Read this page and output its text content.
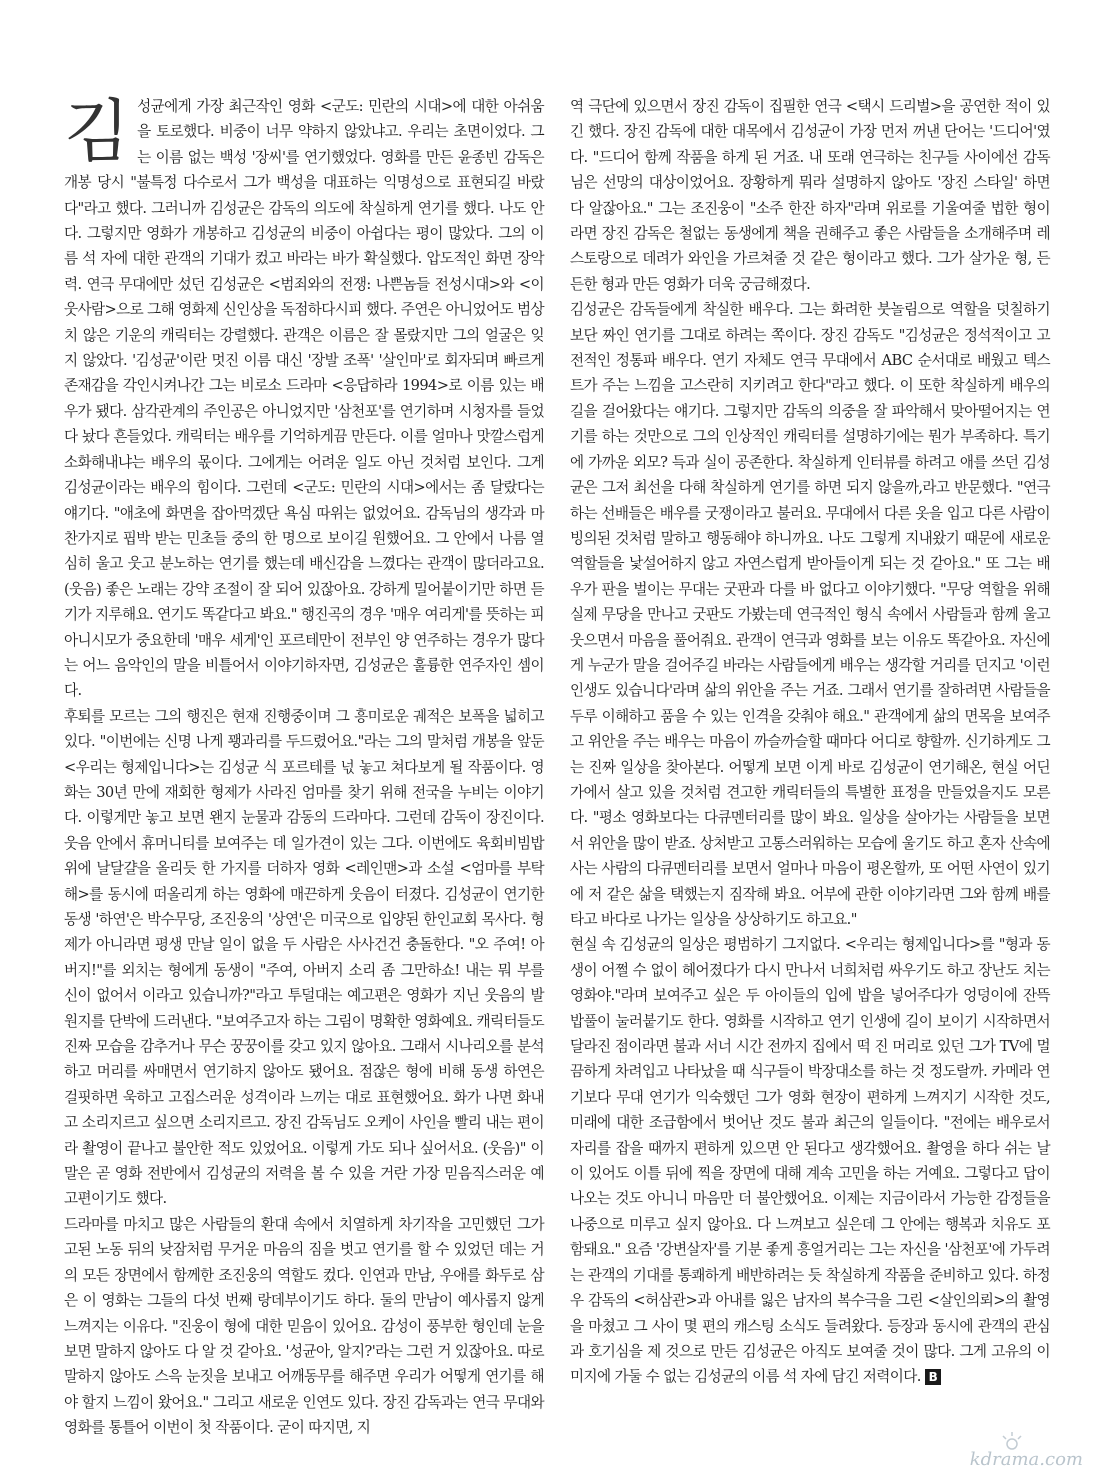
김 성균에게 가장 최근작인 영화 <군도: 민란의 시대>에 대한 아쉬움을 토로했다. 비중이 너무 약하지 않았냐고. 우리는 초면이었다. 그는 이름 없는 백성 '장씨'를 연기했었다. 영화를 만든 윤종빈 감독은 개봉 당시 "불특정 다수로서 그가 백성을 대표하는 익명성으로 표현되길 바랐다"라고 했다. 그러니까 김성균은 감독의 의도에 착실하게 연기를 했다. 나도 안다. 그렇지만 영화가 개봉하고 김성균의 비중이 아쉽다는 평이 많았다. 그의 이름 석 자에 대한 관객의 기대가 컸고 바라는 바가 확실했다. 압도적인 화면 장악력. 연극 무대에만 섰던 김성균은 <범죄와의 전쟁: 나쁜놈들 전성시대>와 <이웃사람>으로 그해 영화제 신인상을 독점하다시피 했다. 주연은 아니었어도 범상치 않은 기운의 캐릭터는 강렬했다. 관객은 이름은 잘 몰랐지만 그의 얼굴은 잊지 않았다. '김성균'이란 멋진 이름 대신 '장발 조폭' '살인마'로 회자되며 빠르게 존재감을 각인시켜나간 그는 비로소 드라마 <응답하라 1994>로 이름 있는 배우가 됐다. 삼각관계의 주인공은 아니었지만 '삼천포'를 연기하며 시청자를 들었다 놨다 흔들었다. 캐릭터는 배우를 기억하게끔 만든다. 이를 얼마나 맛깔스럽게 소화해내냐는 배우의 몫이다. 그에게는 어려운 일도 아닌 것처럼 보인다. 그게 김성균이라는 배우의 힘이다. 그런데 <군도: 민란의 시대>에서는 좀 달랐다는 얘기다. "애초에 화면을 잡아먹겠단 욕심 따위는 없었어요. 감독님의 생각과 마찬가지로 핍박 받는 민초들 중의 한 명으로 보이길 원했어요. 그 안에서 나름 열심히 울고 웃고 분노하는 연기를 했는데 배신감을 느꼈다는 관객이 많더라고요. (웃음) 좋은 노래는 강약 조절이 잘 되어 있잖아요. 강하게 밀어붙이기만 하면 듣기가 지루해요. 연기도 똑같다고 봐요." 행진곡의 경우 '매우 여리게'를 뜻하는 피아니시모가 중요한데 '매우 세게'인 포르테만이 전부인 양 연주하는 경우가 많다는 어느 음악인의 말을 비틀어서 이야기하자면, 김성균은 훌륭한 연주자인 셈이다.

후퇴를 모르는 그의 행진은 현재 진행중이며 그 흥미로운 궤적은 보폭을 넓히고 있다. "이번에는 신명 나게 꽹과리를 두드렸어요."라는 그의 말처럼 개봉을 앞둔 <우리는 형제입니다>는 김성균 식 포르테를 넋 놓고 쳐다보게 될 작품이다. 영화는 30년 만에 재회한 형제가 사라진 엄마를 찾기 위해 전국을 누비는 이야기다. 이렇게만 놓고 보면 왠지 눈물과 감동의 드라마다. 그런데 감독이 장진이다. 웃음 안에서 휴머니티를 보여주는 데 일가견이 있는 그다. 이번에도 육회비빔밥 위에 날달걀을 올리듯 한 가지를 더하자 영화 <레인맨>과 소설 <엄마를 부탁해>를 동시에 떠올리게 하는 영화에 매끈하게 웃음이 터졌다. 김성균이 연기한 동생 '하연'은 박수무당, 조진웅의 '상연'은 미국으로 입양된 한인교회 목사다. 형제가 아니라면 평생 만날 일이 없을 두 사람은 사사건건 충돌한다. "오 주여! 아버지!"를 외치는 형에게 동생이 "주여, 아버지 소리 좀 그만하쇼! 내는 뭐 부를 신이 없어서 이라고 있습니까?"라고 투덜대는 예고편은 영화가 지닌 웃음의 발원지를 단박에 드러낸다. "보여주고자 하는 그림이 명확한 영화예요. 캐릭터들도 진짜 모습을 감추거나 무슨 꿍꿍이를 갖고 있지 않아요. 그래서 시나리오를 분석하고 머리를 싸매면서 연기하지 않아도 됐어요. 점잖은 형에 비해 동생 하연은 걸핏하면 욱하고 고집스러운 성격이라 느끼는 대로 표현했어요. 화가 나면 화내고 소리지르고 싶으면 소리지르고. 장진 감독님도 오케이 사인을 빨리 내는 편이라 촬영이 끝나고 불안한 적도 있었어요. 이렇게 가도 되나 싶어서요. (웃음)" 이 말은 곧 영화 전반에서 김성균의 저력을 볼 수 있을 거란 가장 믿음직스러운 예고편이기도 했다.

드라마를 마치고 많은 사람들의 환대 속에서 치열하게 차기작을 고민했던 그가 고된 노동 뒤의 낮잠처럼 무거운 마음의 짐을 벗고 연기를 할 수 있었던 데는 거의 모든 장면에서 함께한 조진웅의 역할도 컸다. 인연과 만남, 우애를 화두로 삼은 이 영화는 그들의 다섯 번째 랑데부이기도 하다. 둘의 만남이 예사롭지 않게 느껴지는 이유다. "진웅이 형에 대한 믿음이 있어요. 감성이 풍부한 형인데 눈을 보면 말하지 않아도 다 알 것 같아요. '성균아, 알지?'라는 그런 거 있잖아요. 따로 말하지 않아도 스윽 눈짓을 보내고 어깨동무를 해주면 우리가 어떻게 연기를 해야 할지 느낌이 왔어요." 그리고 새로운 인연도 있다. 장진 감독과는 연극 무대와 영화를 통틀어 이번이 첫 작품이다. 굳이 따지면, 지

역 극단에 있으면서 장진 감독이 집필한 연극 <택시 드리벌>을 공연한 적이 있긴 했다. 장진 감독에 대한 대목에서 김성균이 가장 먼저 꺼낸 단어는 '드디어'였다. "드디어 함께 작품을 하게 된 거죠. 내 또래 연극하는 친구들 사이에선 감독님은 선망의 대상이었어요. 장황하게 뭐라 설명하지 않아도 '장진 스타일' 하면 다 알잖아요." 그는 조진웅이 "소주 한잔 하자"라며 위로를 기울여줄 법한 형이라면 장진 감독은 철없는 동생에게 책을 권해주고 좋은 사람들을 소개해주며 레스토랑으로 데려가 와인을 가르쳐줄 것 같은 형이라고 했다. 그가 살가운 형, 든든한 형과 만든 영화가 더욱 궁금해졌다.

김성균은 감독들에게 착실한 배우다. 그는 화려한 붓놀림으로 역할을 덧칠하기보단 짜인 연기를 그대로 하려는 쪽이다. 장진 감독도 "김성균은 정석적이고 고전적인 정통파 배우다. 연기 자체도 연극 무대에서 ABC 순서대로 배웠고 텍스트가 주는 느낌을 고스란히 지키려고 한다"라고 했다. 이 또한 착실하게 배우의 길을 걸어왔다는 얘기다. 그렇지만 감독의 의중을 잘 파악해서 맞아떨어지는 연기를 하는 것만으로 그의 인상적인 캐릭터를 설명하기에는 뭔가 부족하다. 특기에 가까운 외모? 득과 실이 공존한다. 착실하게 인터뷰를 하려고 애를 쓰던 김성균은 그저 최선을 다해 착실하게 연기를 하면 되지 않을까,라고 반문했다. "연극하는 선배들은 배우를 굿쟁이라고 불러요. 무대에서 다른 옷을 입고 다른 사람이 빙의된 것처럼 말하고 행동해야 하니까요. 나도 그렇게 지내왔기 때문에 새로운 역할들을 낯설어하지 않고 자연스럽게 받아들이게 되는 것 같아요." 또 그는 배우가 판을 벌이는 무대는 굿판과 다를 바 없다고 이야기했다. "무당 역할을 위해 실제 무당을 만나고 굿판도 가봤는데 연극적인 형식 속에서 사람들과 함께 울고 웃으면서 마음을 풀어줘요. 관객이 연극과 영화를 보는 이유도 똑같아요. 자신에게 누군가 말을 걸어주길 바라는 사람들에게 배우는 생각할 거리를 던지고 '이런 인생도 있습니다'라며 삶의 위안을 주는 거죠. 그래서 연기를 잘하려면 사람들을 두루 이해하고 품을 수 있는 인격을 갖춰야 해요." 관객에게 삶의 면목을 보여주고 위안을 주는 배우는 마음이 까슬까슬할 때마다 어디로 향할까. 신기하게도 그는 진짜 일상을 찾아본다. 어떻게 보면 이게 바로 김성균이 연기해온, 현실 어딘가에서 살고 있을 것처럼 견고한 캐릭터들의 특별한 표정을 만들었을지도 모른다. "평소 영화보다는 다큐멘터리를 많이 봐요. 일상을 살아가는 사람들을 보면서 위안을 많이 받죠. 상처받고 고통스러워하는 모습에 울기도 하고 혼자 산속에 사는 사람의 다큐멘터리를 보면서 얼마나 마음이 평온할까, 또 어떤 사연이 있기에 저 같은 삶을 택했는지 짐작해 봐요. 어부에 관한 이야기라면 그와 함께 배를 타고 바다로 나가는 일상을 상상하기도 하고요."

현실 속 김성균의 일상은 평범하기 그지없다. <우리는 형제입니다>를 "형과 동생이 어쩔 수 없이 헤어졌다가 다시 만나서 너희처럼 싸우기도 하고 장난도 치는 영화야."라며 보여주고 싶은 두 아이들의 입에 밥을 넣어주다가 엉덩이에 잔뜩 밥풀이 눌러붙기도 한다. 영화를 시작하고 연기 인생에 길이 보이기 시작하면서 달라진 점이라면 불과 서너 시간 전까지 집에서 떡 진 머리로 있던 그가 TV에 멀끔하게 차려입고 나타났을 때 식구들이 박장대소를 하는 것 정도랄까. 카메라 연기보다 무대 연기가 익숙했던 그가 영화 현장이 편하게 느껴지기 시작한 것도, 미래에 대한 조급함에서 벗어난 것도 불과 최근의 일들이다. "전에는 배우로서 자리를 잡을 때까지 편하게 있으면 안 된다고 생각했어요. 촬영을 하다 쉬는 날이 있어도 이틀 뒤에 찍을 장면에 대해 계속 고민을 하는 거예요. 그렇다고 답이 나오는 것도 아니니 마음만 더 불안했어요. 이제는 지금이라서 가능한 감정들을 나중으로 미루고 싶지 않아요. 다 느껴보고 싶은데 그 안에는 행복과 치유도 포함돼요." 요즘 '강변살자'를 기분 좋게 흥얼거리는 그는 자신을 '삼천포'에 가두려는 관객의 기대를 통쾌하게 배반하려는 듯 착실하게 작품을 준비하고 있다. 하정우 감독의 <허삼관>과 아내를 잃은 남자의 복수극을 그린 <살인의뢰>의 촬영을 마쳤고 그 사이 몇 편의 캐스팅 소식도 들려왔다. 등장과 동시에 관객의 관심과 호기심을 제 것으로 만든 김성균은 아직도 보여줄 것이 많다. 그게 고유의 이미지에 가둘 수 없는 김성균의 이름 석 자에 담긴 저력이다. B

kdrama.com
